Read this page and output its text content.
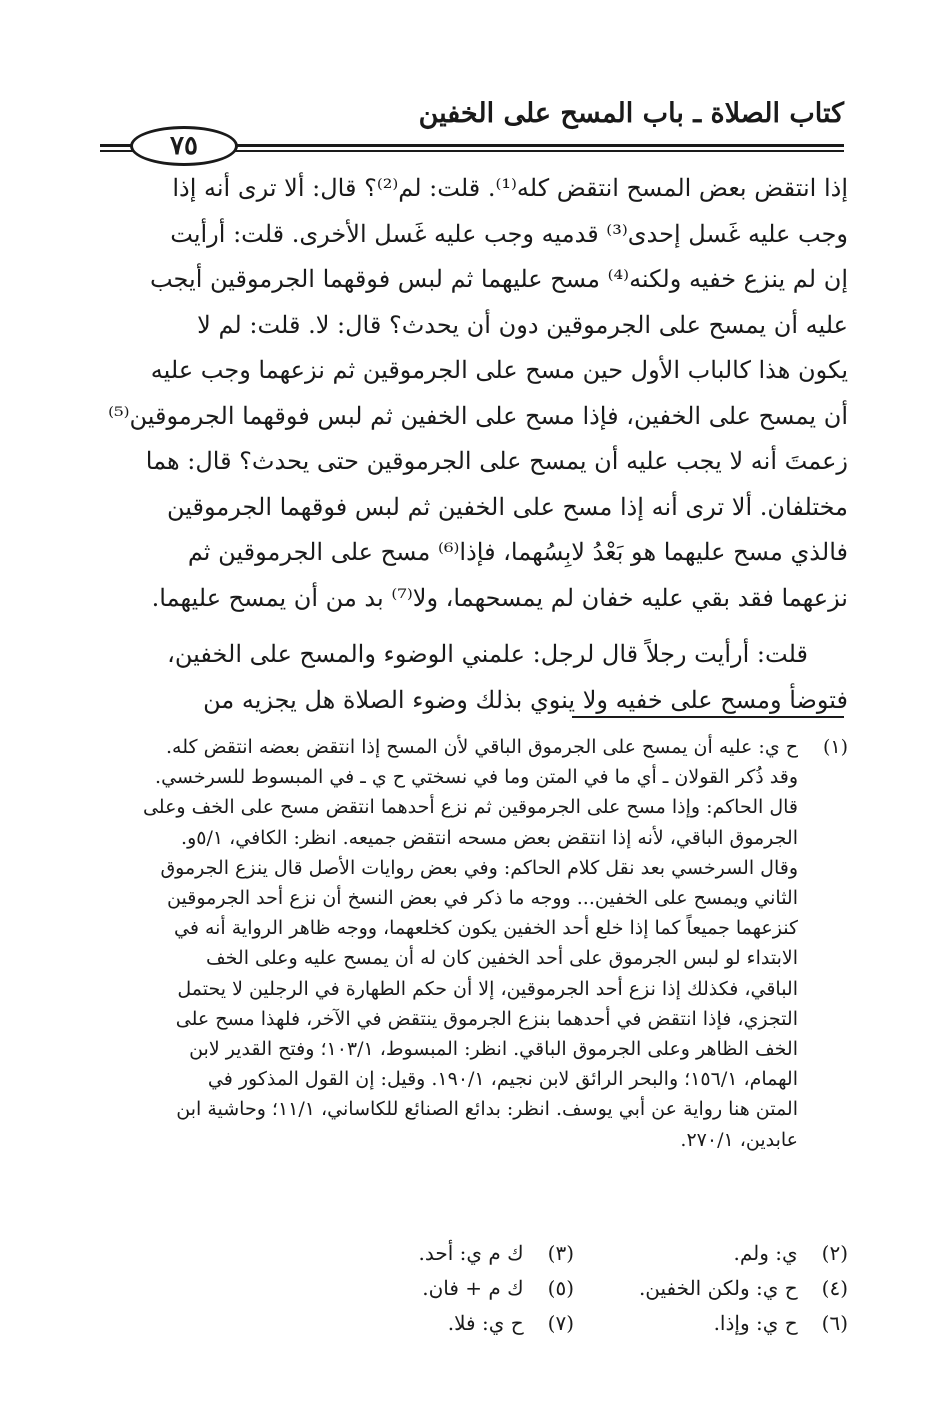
كتاب الصلاة ـ باب المسح على الخفين
٧٥
إذا انتقض بعض المسح انتقض كله⁽¹⁾. قلت: لم⁽²⁾؟ قال: ألا ترى أنه إذا
وجب عليه غَسل إحدى⁽³⁾ قدميه وجب عليه غَسل الأخرى. قلت: أرأيت
إن لم ينزع خفيه ولكنه⁽⁴⁾ مسح عليهما ثم لبس فوقهما الجرموقين أيجب
عليه أن يمسح على الجرموقين دون أن يحدث؟ قال: لا. قلت: لم لا
يكون هذا كالباب الأول حين مسح على الجرموقين ثم نزعهما وجب عليه
أن يمسح على الخفين، فإذا مسح على الخفين ثم لبس فوقهما الجرموقين⁽⁵⁾
زعمتَ أنه لا يجب عليه أن يمسح على الجرموقين حتى يحدث؟ قال: هما
مختلفان. ألا ترى أنه إذا مسح على الخفين ثم لبس فوقهما الجرموقين
فالذي مسح عليهما هو بَعْدُ لابِسُهما، فإذا⁽⁶⁾ مسح على الجرموقين ثم
نزعهما فقد بقي عليه خفان لم يمسحهما، ولا⁽⁷⁾ بد من أن يمسح عليهما.
قلت: أرأيت رجلاً قال لرجل: علمني الوضوء والمسح على الخفين،
فتوضأ ومسح على خفيه ولا ينوي بذلك وضوء الصلاة هل يجزيه من
(١)
ح ي: عليه أن يمسح على الجرموق الباقي لأن المسح إذا انتقض بعضه انتقض كله.
وقد ذُكر القولان ـ أي ما في المتن وما في نسختي ح ي ـ في المبسوط للسرخسي.
قال الحاكم: وإذا مسح على الجرموقين ثم نزع أحدهما انتقض مسح على الخف وعلى
الجرموق الباقي، لأنه إذا انتقض بعض مسحه انتقض جميعه. انظر: الكافي، ٥/١و.
وقال السرخسي بعد نقل كلام الحاكم: وفي بعض روايات الأصل قال ينزع الجرموق
الثاني ويمسح على الخفين... ووجه ما ذكر في بعض النسخ أن نزع أحد الجرموقين
كنزعهما جميعاً كما إذا خلع أحد الخفين يكون كخلعهما، ووجه ظاهر الرواية أنه في
الابتداء لو لبس الجرموق على أحد الخفين كان له أن يمسح عليه وعلى الخف
الباقي، فكذلك إذا نزع أحد الجرموقين، إلا أن حكم الطهارة في الرجلين لا يحتمل
التجزي، فإذا انتقض في أحدهما بنزع الجرموق ينتقض في الآخر، فلهذا مسح على
الخف الظاهر وعلى الجرموق الباقي. انظر: المبسوط، ١٠٣/١؛ وفتح القدير لابن
الهمام، ١٥٦/١؛ والبحر الرائق لابن نجيم، ١٩٠/١. وقيل: إن القول المذكور في
المتن هنا رواية عن أبي يوسف. انظر: بدائع الصنائع للكاساني، ١١/١؛ وحاشية ابن
عابدين، ٢٧٠/١.
(٢) ي: ولم.
(٣) ك م ي: أحد.
(٤) ح ي: ولكن الخفين.
(٥) ك م + فان.
(٦) ح ي: وإذا.
(٧) ح ي: فلا.
